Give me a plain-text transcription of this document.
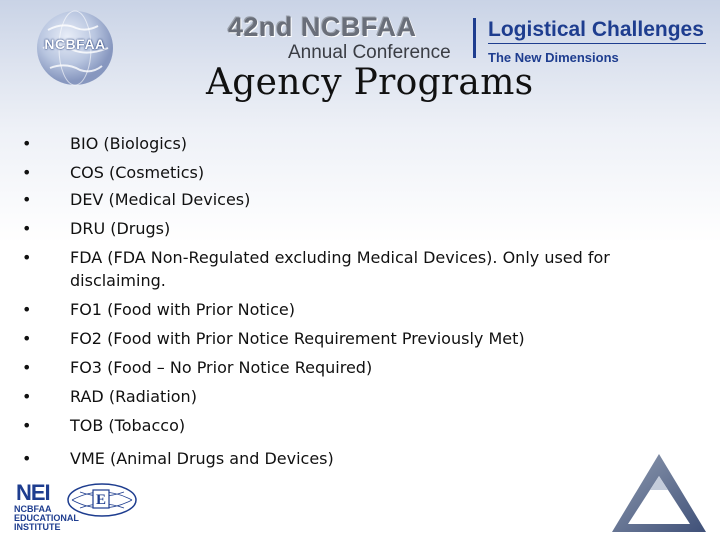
NCBFAA
42nd NCBFAA
Annual Conference
Logistical Challenges
The New Dimensions
Agency Programs
• BIO (Biologics)
• COS (Cosmetics)
• DEV (Medical Devices)
• DRU (Drugs)
• FDA (FDA Non-Regulated excluding Medical Devices). Only used for disclaiming.
• FO1 (Food with Prior Notice)
• FO2 (Food with Prior Notice Requirement Previously Met)
• FO3 (Food – No Prior Notice Required)
• RAD (Radiation)
• TOB (Tobacco)
• VME (Animal Drugs and Devices)
NEI
NCBFAA
EDUCATIONAL
INSTITUTE
E
